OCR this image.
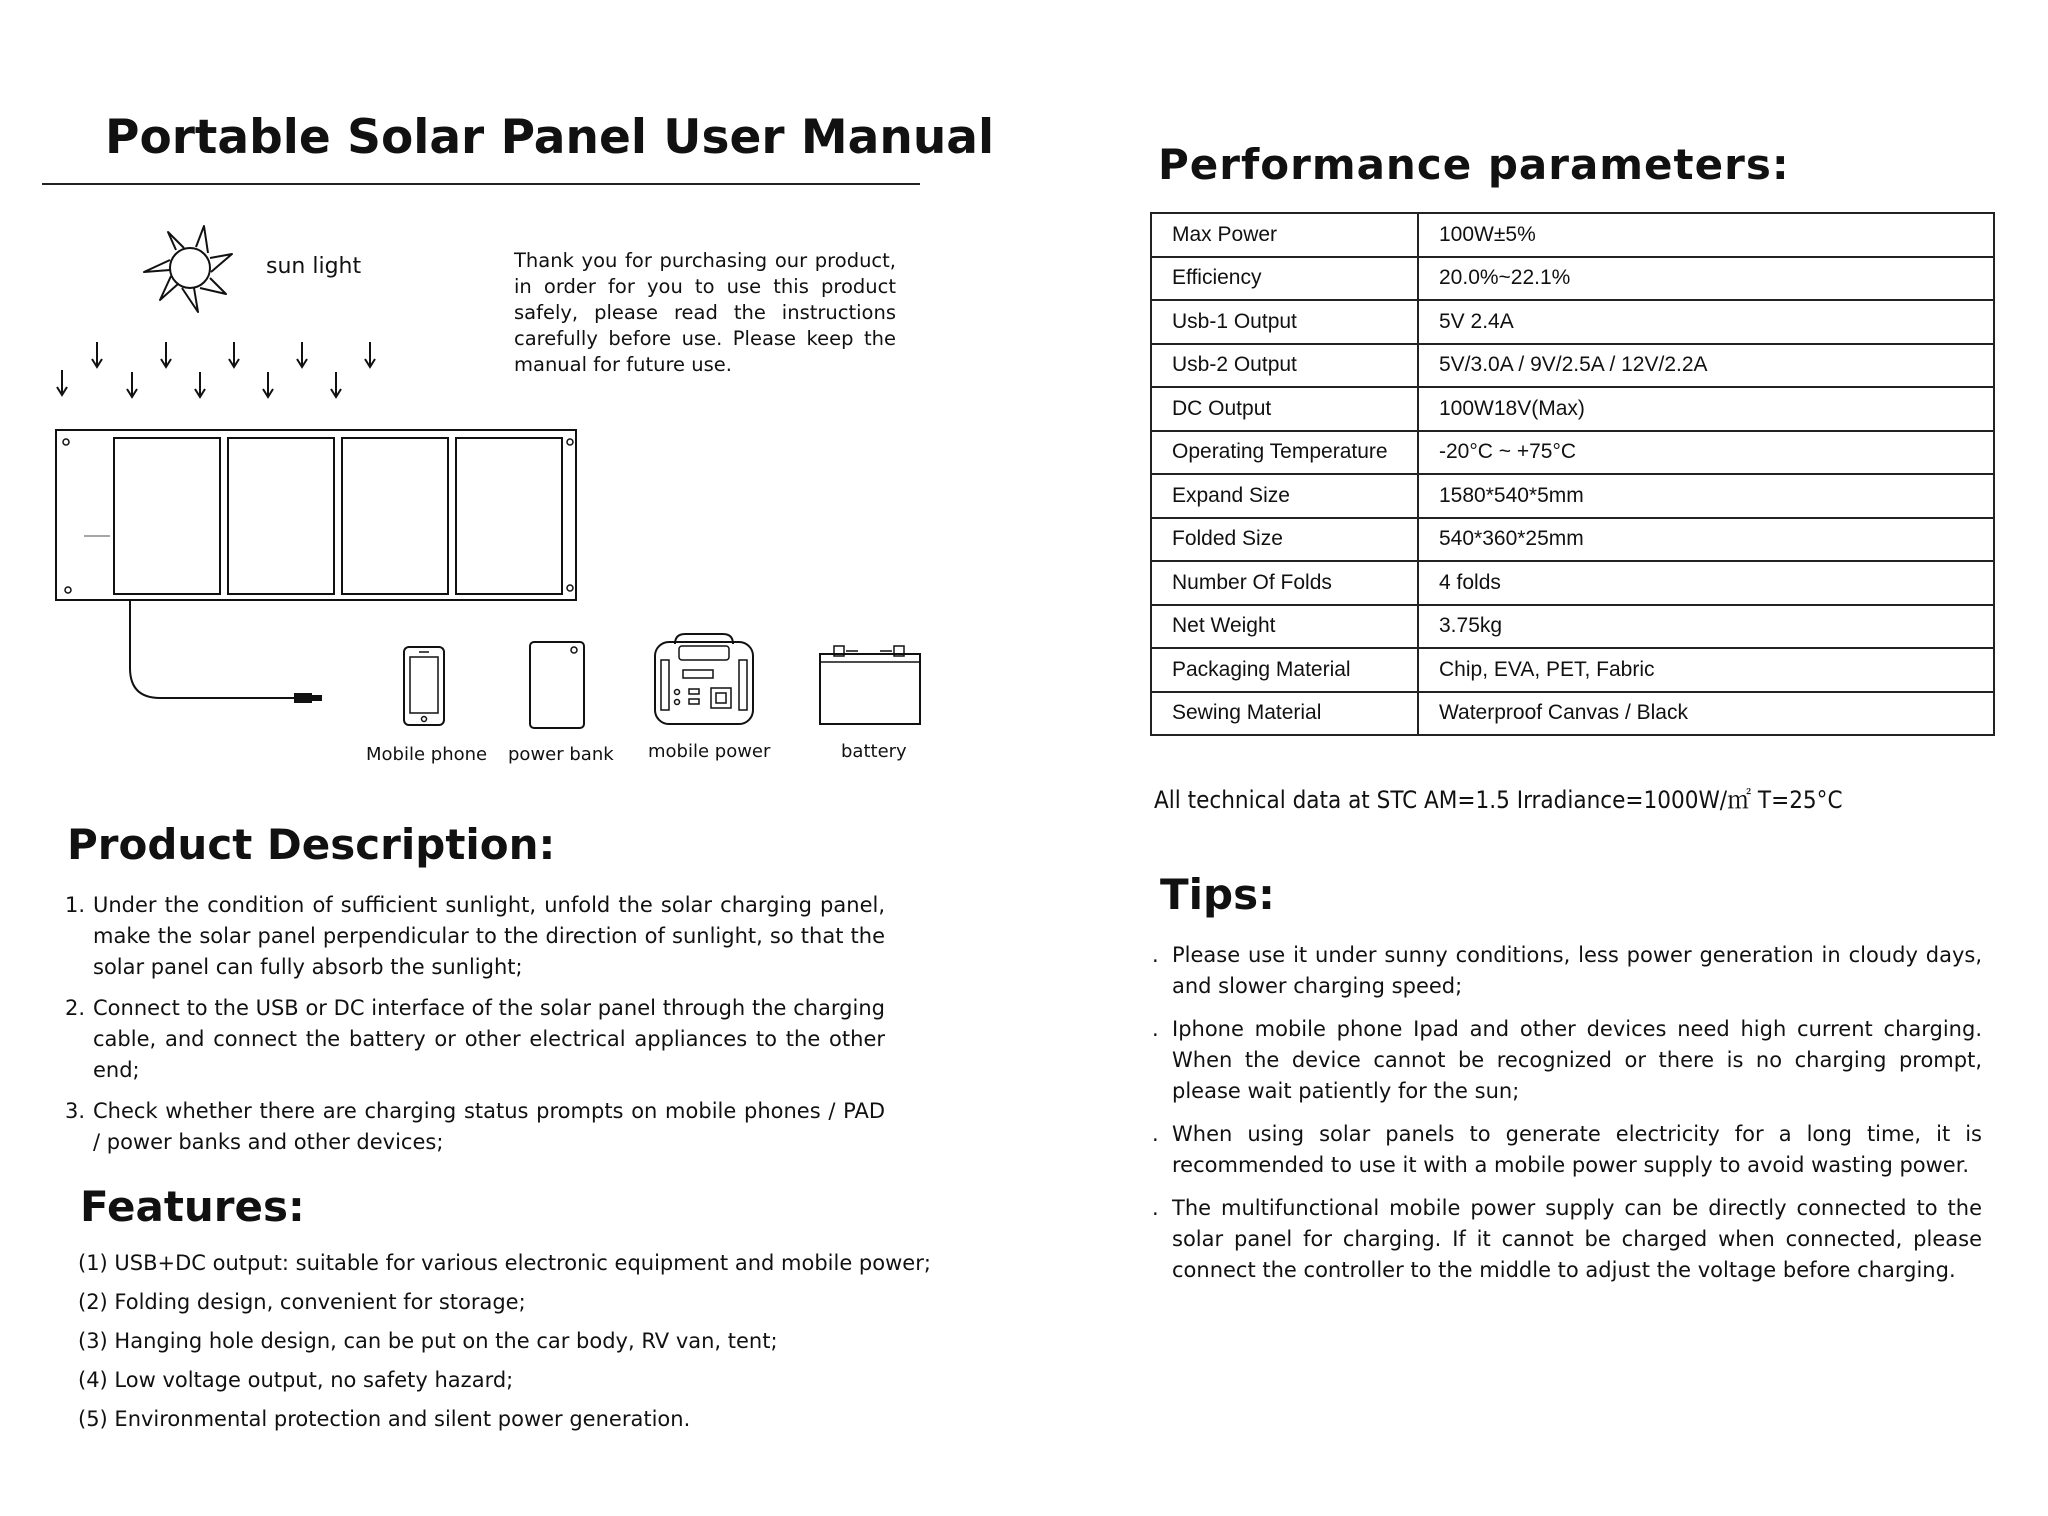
Portable Solar Panel User Manual
sun light	Thank you for purchasing our product, in order for you to use this product safely, please read the instructions carefully before use. Please keep the manual for future use.

Mobile phone power bank mobile power	battery
Product Description:
1. Under the condition of sufficient sunlight, unfold the solar charging panel, make the solar panel perpendicular to the direction of sunlight, so that the solar panel can fully absorb the sunlight;
2. Connect to the USB or DC interface of the solar panel through the charging cable, and connect the battery or other electrical appliances to the other end;
3. Check whether there are charging status prompts on mobile phones / PAD / power banks and other devices;
Features:
(1) USB+DC output: suitable for various electronic equipment and mobile power;
(2) Folding design, convenient for storage;
(3) Hanging hole design, can be put on the car body, RV van, tent;
(4) Low voltage output, no safety hazard;
(5) Environmental protection and silent power generation.
Performance parameters:
Max Power	100W±5%
Efficiency	20.0%~22.1%
Usb-1 Output	5V 2.4A
Usb-2 Output	5V/3.0A / 9V/2.5A / 12V/2.2A
DC Output	100W18V(Max)
Operating Temperature	-20°C ~ +75°C
Expand Size	1580*540*5mm
Folded Size	540*360*25mm
Number Of Folds	4 folds
Net Weight	3.75kg
Packaging Material	Chip, EVA, PET, Fabric
Sewing Material	Waterproof Canvas / Black
All technical data at STC AM=1.5 Irradiance=1000W/㎡ T=25°C
Tips:
. Please use it under sunny conditions, less power generation in cloudy days, and slower charging speed;
. Iphone mobile phone Ipad and other devices need high current charging. When the device cannot be recognized or there is no charging prompt, please wait patiently for the sun;
. When using solar panels to generate electricity for a long time, it is recommended to use it with a mobile power supply to avoid wasting power.
. The multifunctional mobile power supply can be directly connected to the solar panel for charging. If it cannot be charged when connected, please connect the controller to the middle to adjust the voltage before charging.
